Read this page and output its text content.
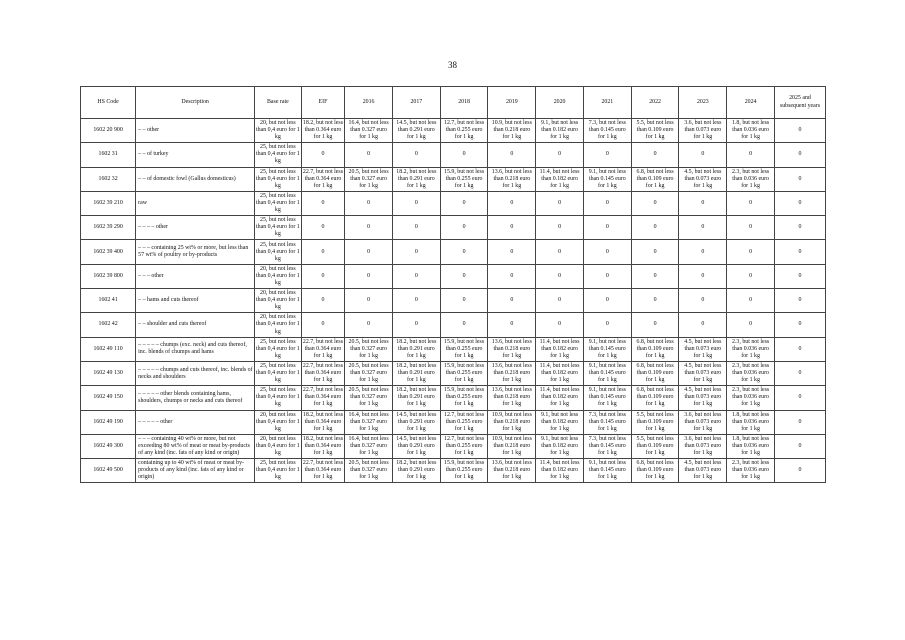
38
HS Code	Description	Base rate	EIF	2016	2017	2018	2019	2020	2021	2022	2023	2024	2025 and subsequent years
1602 20 900	– – other	20, but not less than 0,4 euro for 1 kg	18.2, but not less than 0.364 euro for 1 kg	16.4, but not less than 0.327 euro for 1 kg	14.5, but not less than 0.291 euro for 1 kg	12.7, but not less than 0.255 euro for 1 kg	10.9, but not less than 0.218 euro for 1 kg	9.1, but not less than 0.182 euro for 1 kg	7.3, but not less than 0.145 euro for 1 kg	5.5, but not less than 0.109 euro for 1 kg	3.6, but not less than 0.073 euro for 1 kg	1.8, but not less than 0.036 euro for 1 kg	0
1602 31	– – of turkey	25, but not less than 0,4 euro for 1 kg	0	0	0	0	0	0	0	0	0	0	0
1602 32	– – of domestic fowl (Gallus domesticus)	25, but not less than 0,4 euro for 1 kg	22.7, but not less than 0.364 euro for 1 kg	20.5, but not less than 0.327 euro for 1 kg	18.2, but not less than 0.291 euro for 1 kg	15.9, but not less than 0.255 euro for 1 kg	13.6, but not less than 0.218 euro for 1 kg	11.4, but not less than 0.182 euro for 1 kg	9.1, but not less than 0.145 euro for 1 kg	6.8, but not less than 0.109 euro for 1 kg	4.5, but not less than 0.073 euro for 1 kg	2.3, but not less than 0.036 euro for 1 kg	0
1602 39 210	raw	25, but not less than 0,4 euro for 1 kg	0	0	0	0	0	0	0	0	0	0	0
1602 39 290	– – – – other	25, but not less than 0,4 euro for 1 kg	0	0	0	0	0	0	0	0	0	0	0
1602 39 400	– – – containing 25 wt% or more, but less than 57 wt% of poultry or by-products	25, but not less than 0,4 euro for 1 kg	0	0	0	0	0	0	0	0	0	0	0
1602 39 800	– – – other	20, but not less than 0,4 euro for 1 kg	0	0	0	0	0	0	0	0	0	0	0
1602 41	– – hams and cuts thereof	20, but not less than 0,4 euro for 1 kg	0	0	0	0	0	0	0	0	0	0	0
1602 42	– – shoulder and cuts thereof	20, but not less than 0,4 euro for 1 kg	0	0	0	0	0	0	0	0	0	0	0
1602 49 110	– – – – – chumps (exc. neck) and cuts thereof, inc. blends of chumps and hams	25, but not less than 0,4 euro for 1 kg	22.7, but not less than 0.364 euro for 1 kg	20.5, but not less than 0.327 euro for 1 kg	18.2, but not less than 0.291 euro for 1 kg	15.9, but not less than 0.255 euro for 1 kg	13.6, but not less than 0.218 euro for 1 kg	11.4, but not less than 0.182 euro for 1 kg	9.1, but not less than 0.145 euro for 1 kg	6.8, but not less than 0.109 euro for 1 kg	4.5, but not less than 0.073 euro for 1 kg	2.3, but not less than 0.036 euro for 1 kg	0
1602 49 130	– – – – – chumps and cuts thereof, inc. blends of necks and shoulders	25, but not less than 0,4 euro for 1 kg	22.7, but not less than 0.364 euro for 1 kg	20.5, but not less than 0.327 euro for 1 kg	18.2, but not less than 0.291 euro for 1 kg	15.9, but not less than 0.255 euro for 1 kg	13.6, but not less than 0.218 euro for 1 kg	11.4, but not less than 0.182 euro for 1 kg	9.1, but not less than 0.145 euro for 1 kg	6.8, but not less than 0.109 euro for 1 kg	4.5, but not less than 0.073 euro for 1 kg	2.3, but not less than 0.036 euro for 1 kg	0
1602 49 150	– – – – – other blends containing hams, shoulders, chumps or necks and cuts thereof	25, but not less than 0,4 euro for 1 kg	22.7, but not less than 0.364 euro for 1 kg	20.5, but not less than 0.327 euro for 1 kg	18.2, but not less than 0.291 euro for 1 kg	15.9, but not less than 0.255 euro for 1 kg	13.6, but not less than 0.218 euro for 1 kg	11.4, but not less than 0.182 euro for 1 kg	9.1, but not less than 0.145 euro for 1 kg	6.8, but not less than 0.109 euro for 1 kg	4.5, but not less than 0.073 euro for 1 kg	2.3, but not less than 0.036 euro for 1 kg	0
1602 49 190	– – – – – other	20, but not less than 0,4 euro for 1 kg	18.2, but not less than 0.364 euro for 1 kg	16.4, but not less than 0.327 euro for 1 kg	14.5, but not less than 0.291 euro for 1 kg	12.7, but not less than 0.255 euro for 1 kg	10.9, but not less than 0.218 euro for 1 kg	9.1, but not less than 0.182 euro for 1 kg	7.3, but not less than 0.145 euro for 1 kg	5.5, but not less than 0.109 euro for 1 kg	3.6, but not less than 0.073 euro for 1 kg	1.8, but not less than 0.036 euro for 1 kg	0
1602 49 300	– – – containing 40 wt% or more, but not exceeding 80 wt% of meat or meat by-products of any kind (inc. fats of any kind or origin)	20, but not less than 0,4 euro for 1 kg	18.2, but not less than 0.364 euro for 1 kg	16.4, but not less than 0.327 euro for 1 kg	14.5, but not less than 0.291 euro for 1 kg	12.7, but not less than 0.255 euro for 1 kg	10.9, but not less than 0.218 euro for 1 kg	9.1, but not less than 0.182 euro for 1 kg	7.3, but not less than 0.145 euro for 1 kg	5.5, but not less than 0.109 euro for 1 kg	3.6, but not less than 0.073 euro for 1 kg	1.8, but not less than 0.036 euro for 1 kg	0
1602 49 500	containing up to 40 wt% of meat or meat by-products of any kind (inc. fats of any kind or origin)	25, but not less than 0,4 euro for 1 kg	22.7, but not less than 0.364 euro for 1 kg	20.5, but not less than 0.327 euro for 1 kg	18.2, but not less than 0.291 euro for 1 kg	15.9, but not less than 0.255 euro for 1 kg	13.6, but not less than 0.218 euro for 1 kg	11.4, but not less than 0.182 euro for 1 kg	9.1, but not less than 0.145 euro for 1 kg	6.8, but not less than 0.109 euro for 1 kg	4.5, but not less than 0.073 euro for 1 kg	2.3, but not less than 0.036 euro for 1 kg	0
